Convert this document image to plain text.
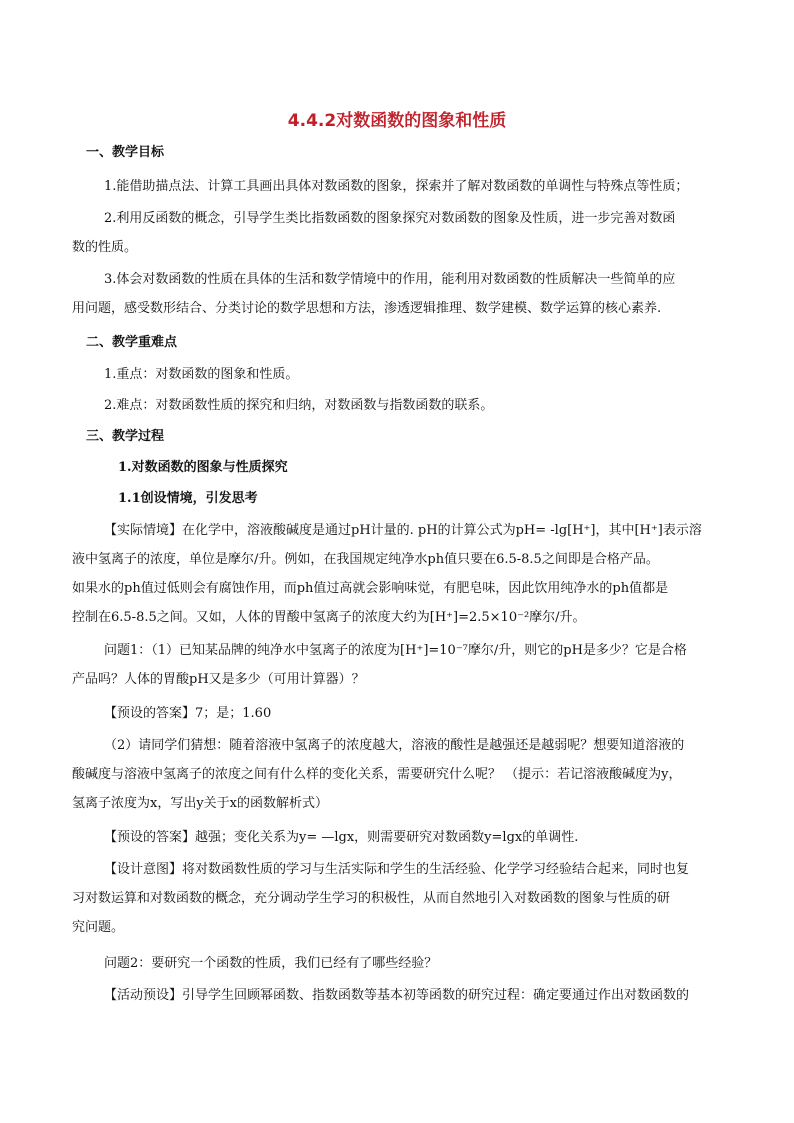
4.4.2对数函数的图象和性质
一、教学目标
1.能借助描点法、计算工具画出具体对数函数的图象，探索并了解对数函数的单调性与特殊点等性质；
2.利用反函数的概念，引导学生类比指数函数的图象探究对数函数的图象及性质，进一步完善对数函
数的性质。
3.体会对数函数的性质在具体的生活和数学情境中的作用，能利用对数函数的性质解决一些简单的应
用问题，感受数形结合、分类讨论的数学思想和方法，渗透逻辑推理、数学建模、数学运算的核心素养.
二、教学重难点
1.重点：对数函数的图象和性质。
2.难点：对数函数性质的探究和归纳，对数函数与指数函数的联系。
三、教学过程
1.对数函数的图象与性质探究
1.1创设情境，引发思考
【实际情境】在化学中，溶液酸碱度是通过pH计量的. pH的计算公式为pH= -lg[H⁺]，其中[H⁺]表示溶
液中氢离子的浓度，单位是摩尔/升。例如，在我国规定纯净水ph值只要在6.5-8.5之间即是合格产品。
如果水的ph值过低则会有腐蚀作用，而ph值过高就会影响味觉，有肥皂味，因此饮用纯净水的ph值都是
控制在6.5-8.5之间。又如，人体的胃酸中氢离子的浓度大约为[H⁺]=2.5×10⁻²摩尔/升。
问题1：（1）已知某品牌的纯净水中氢离子的浓度为[H⁺]=10⁻⁷摩尔/升，则它的pH是多少？它是合格
产品吗？人体的胃酸pH又是多少（可用计算器）？
【预设的答案】7；是；1.60
（2）请同学们猜想：随着溶液中氢离子的浓度越大，溶液的酸性是越强还是越弱呢？想要知道溶液的
酸碱度与溶液中氢离子的浓度之间有什么样的变化关系，需要研究什么呢？ （提示：若记溶液酸碱度为y，
氢离子浓度为x，写出y关于x的函数解析式）
【预设的答案】越强；变化关系为y= —lgx，则需要研究对数函数y=lgx的单调性.
【设计意图】将对数函数性质的学习与生活实际和学生的生活经验、化学学习经验结合起来，同时也复
习对数运算和对数函数的概念，充分调动学生学习的积极性，从而自然地引入对数函数的图象与性质的研
究问题。
问题2：要研究一个函数的性质，我们已经有了哪些经验？
【活动预设】引导学生回顾幂函数、指数函数等基本初等函数的研究过程：确定要通过作出对数函数的
